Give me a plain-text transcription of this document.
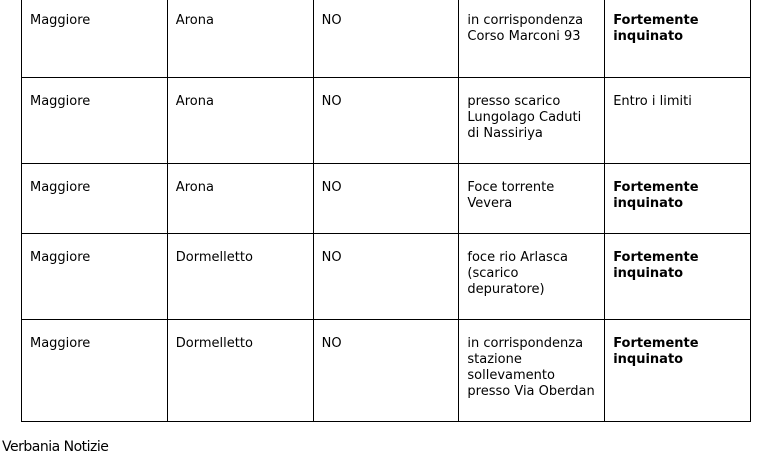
Maggiore	Arona	NO	in corrispondenza Corso Marconi 93	Fortemente inquinato

Maggiore	Arona	NO	presso scarico Lungolago Caduti di Nassiriya	Entro i limiti

Maggiore	Arona	NO	Foce torrente Vevera	Fortemente inquinato

Maggiore	Dormelletto	NO	foce rio Arlasca (scarico depuratore)	Fortemente inquinato

Maggiore	Dormelletto	NO	in corrispondenza stazione sollevamento presso Via Oberdan	Fortemente inquinato
Verbania Notizie
